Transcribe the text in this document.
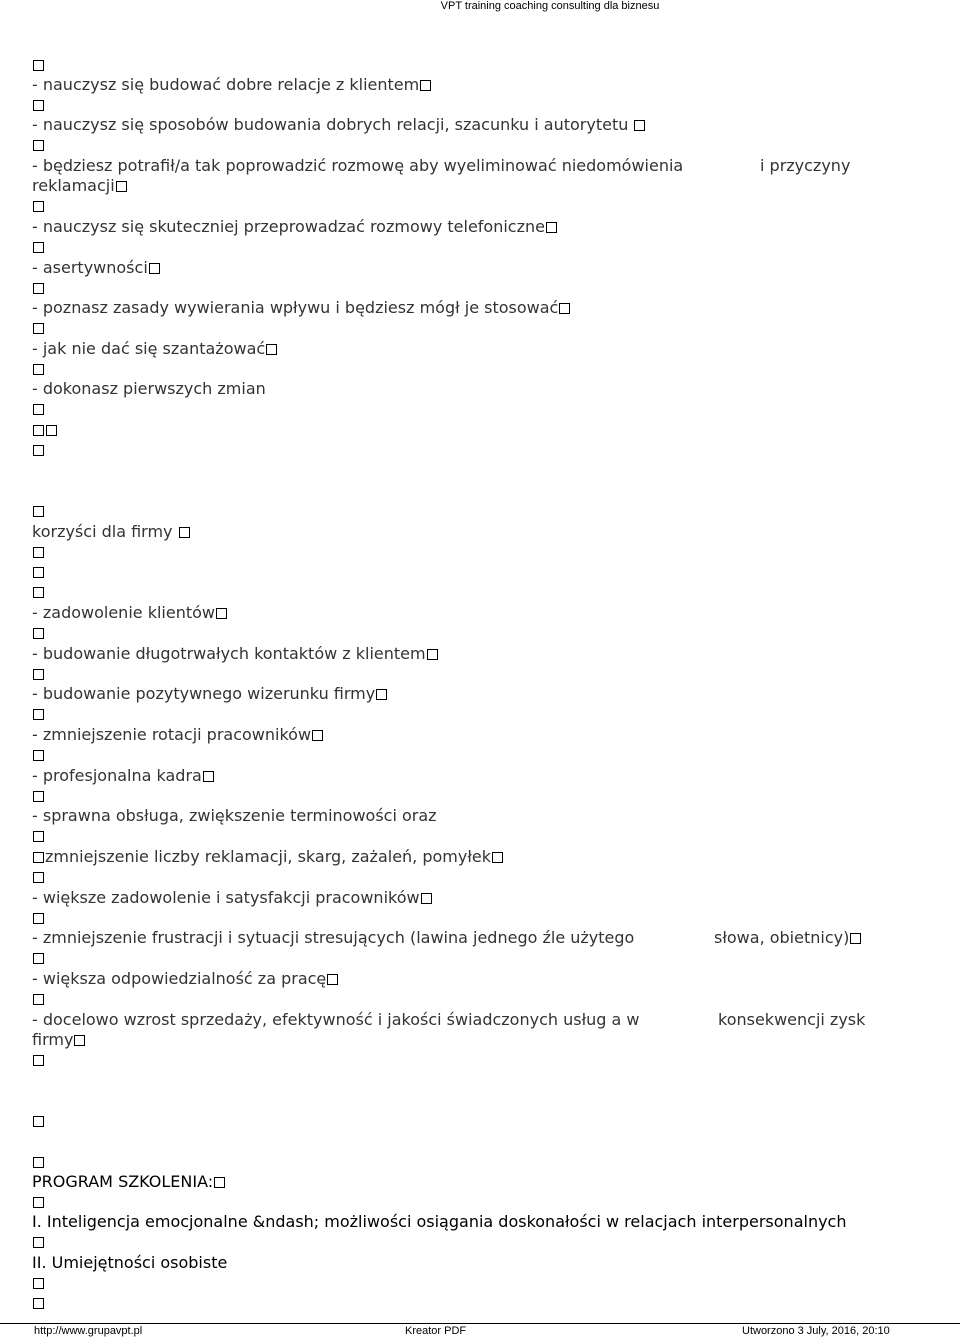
VPT training coaching consulting dla biznesu
- nauczysz się budować dobre relacje z klientem
- nauczysz się sposobów budowania dobrych relacji, szacunku i autorytetu
- będziesz potrafił/a tak poprowadzić rozmowę aby wyeliminować niedomówienia	i przyczyny
reklamacji
- nauczysz się skuteczniej przeprowadzać rozmowy telefoniczne
- asertywności
- poznasz zasady wywierania wpływu i będziesz mógł je stosować
- jak nie dać się szantażować
- dokonasz pierwszych zmian
korzyści dla firmy
- zadowolenie klientów
- budowanie długotrwałych kontaktów z klientem
- budowanie pozytywnego wizerunku firmy
- zmniejszenie rotacji pracowników
- profesjonalna kadra
- sprawna obsługa, zwiększenie terminowości oraz
zmniejszenie liczby reklamacji, skarg, zażaleń, pomyłek
- większe zadowolenie i satysfakcji pracowników
- zmniejszenie frustracji i sytuacji stresujących (lawina jednego źle użytego	słowa, obietnicy)
- większa odpowiedzialność za pracę
- docelowo wzrost sprzedaży, efektywność i jakości świadczonych usług a w	konsekwencji zysk
firmy
PROGRAM SZKOLENIA:
I. Inteligencja emocjonalne &ndash; możliwości osiągania doskonałości w relacjach interpersonalnych
II. Umiejętności osobiste
http://www.grupavpt.pl	Kreator PDF	Utworzono 3 July, 2016, 20:10
